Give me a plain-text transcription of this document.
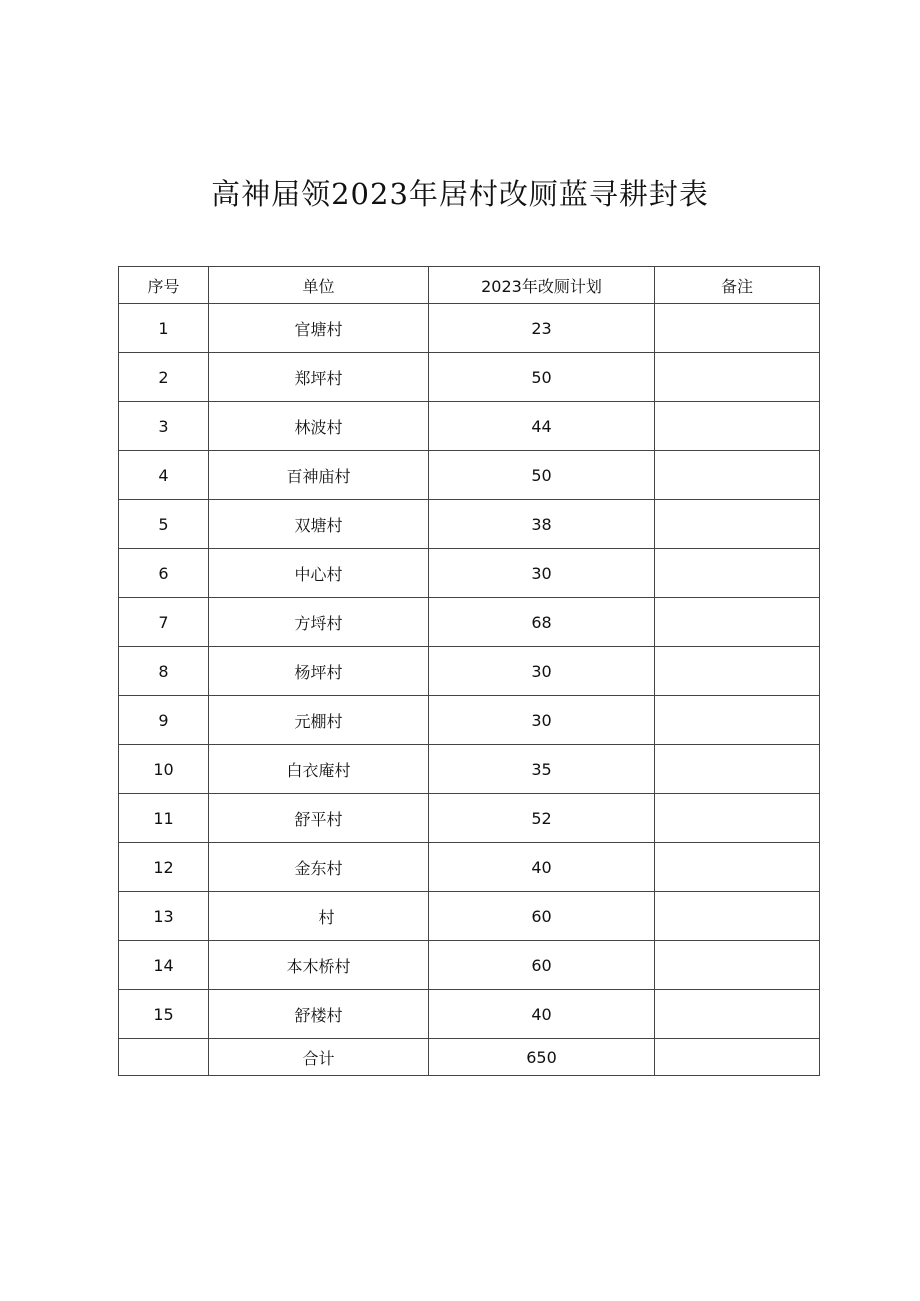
高神届领2023年居村改厕蓝寻耕封表
序号	单位	2023年改厕计划	备注
1	官塘村	23	
2	郑坪村	50	
3	林波村	44	
4	百神庙村	50	
5	双塘村	38	
6	中心村	30	
7	方埒村	68	
8	杨坪村	30	
9	元棚村	30	
10	白衣庵村	35	
11	舒平村	52	
12	金东村	40	
13	　村	60	
14	本木桥村	60	
15	舒楼村	40	
	合计	650	
